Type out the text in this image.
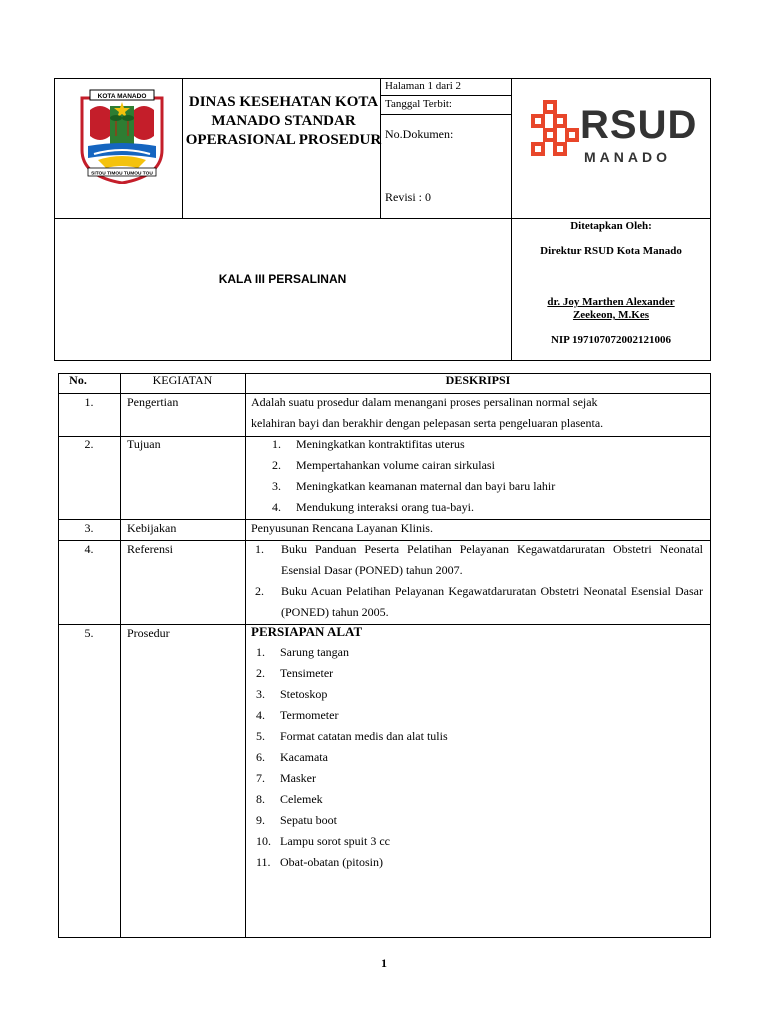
KOTA MANADO
SITOU TIMOU TUMOU TOU
DINAS KESEHATAN KOTA MANADO STANDAR OPERASIONAL PROSEDUR
Halaman 1 dari 2
Tanggal Terbit:
No.Dokumen:
Revisi : 0
RSUD
MANADO
KALA III PERSALINAN
Ditetapkan Oleh:
Direktur RSUD Kota Manado
dr. Joy Marthen Alexander
Zeekeon, M.Kes
NIP 197107072002121006
No.	KEGIATAN	DESKRIPSI
1.	Pengertian	Adalah suatu prosedur dalam menangani proses persalinan normal sejak
kelahiran bayi dan berakhir dengan pelepasan serta pengeluaran plasenta.
2.	Tujuan	1. Meningkatkan kontraktifitas uterus
2. Mempertahankan volume cairan sirkulasi
3. Meningkatkan keamanan maternal dan bayi baru lahir
4. Mendukung interaksi orang tua-bayi.
3.	Kebijakan	Penyusunan Rencana Layanan Klinis.
4.	Referensi	1. Buku Panduan Peserta Pelatihan Pelayanan Kegawatdaruratan Obstetri Neonatal Esensial Dasar (PONED) tahun 2007.
2. Buku Acuan Pelatihan Pelayanan Kegawatdaruratan Obstetri Neonatal Esensial Dasar (PONED) tahun 2005.
5.	Prosedur	PERSIAPAN ALAT
1. Sarung tangan
2. Tensimeter
3. Stetoskop
4. Termometer
5. Format catatan medis dan alat tulis
6. Kacamata
7. Masker
8. Celemek
9. Sepatu boot
10. Lampu sorot spuit 3 cc
11. Obat-obatan (pitosin)
1
